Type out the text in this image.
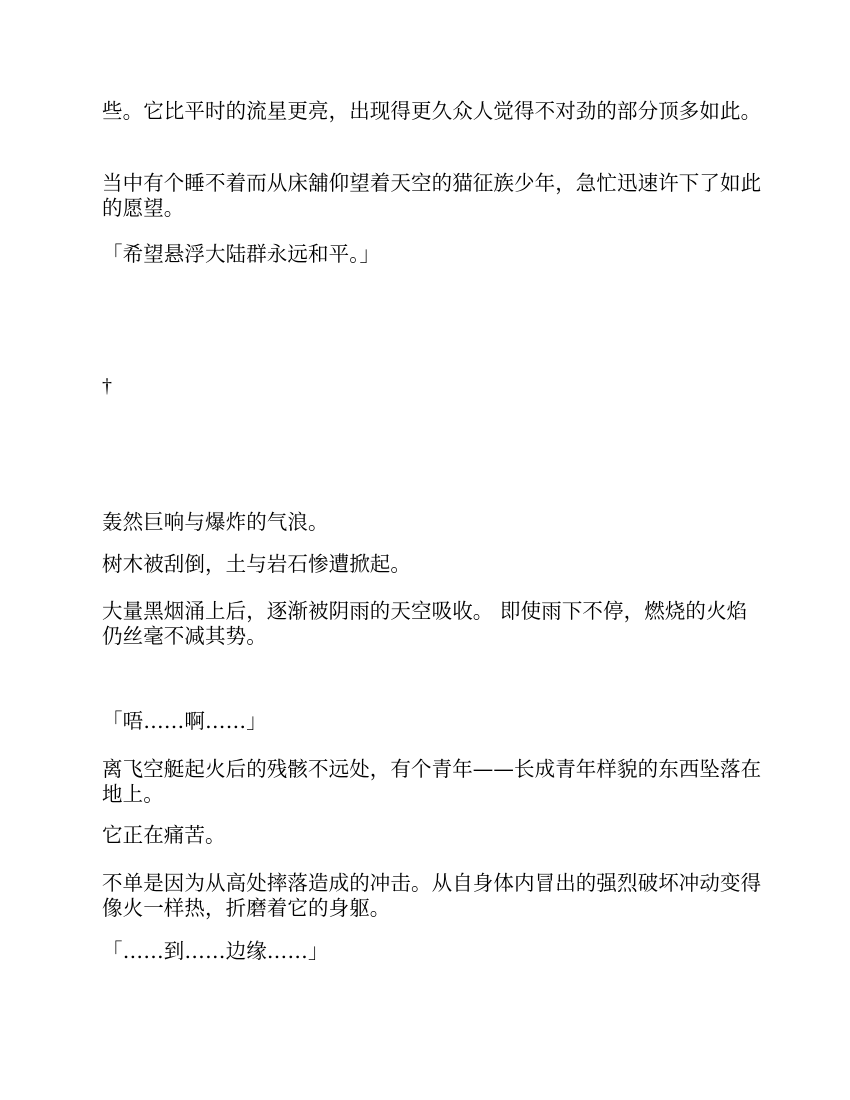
些。它比平时的流星更亮，出现得更久众人觉得不对劲的部分顶多如此。

当中有个睡不着而从床舖仰望着天空的猫征族少年，急忙迅速许下了如此的愿望。

「希望悬浮大陆群永远和平。」

†

轰然巨响与爆炸的气浪。

树木被刮倒，土与岩石惨遭掀起。

大量黑烟涌上后，逐渐被阴雨的天空吸收。 即使雨下不停，燃烧的火焰仍丝毫不减其势。

「唔……啊……」

离飞空艇起火后的残骸不远处，有个青年——长成青年样貌的东西坠落在地上。

它正在痛苦。

不单是因为从高处摔落造成的冲击。从自身体内冒出的强烈破坏冲动变得像火一样热，折磨着它的身躯。

「……到……边缘……」
